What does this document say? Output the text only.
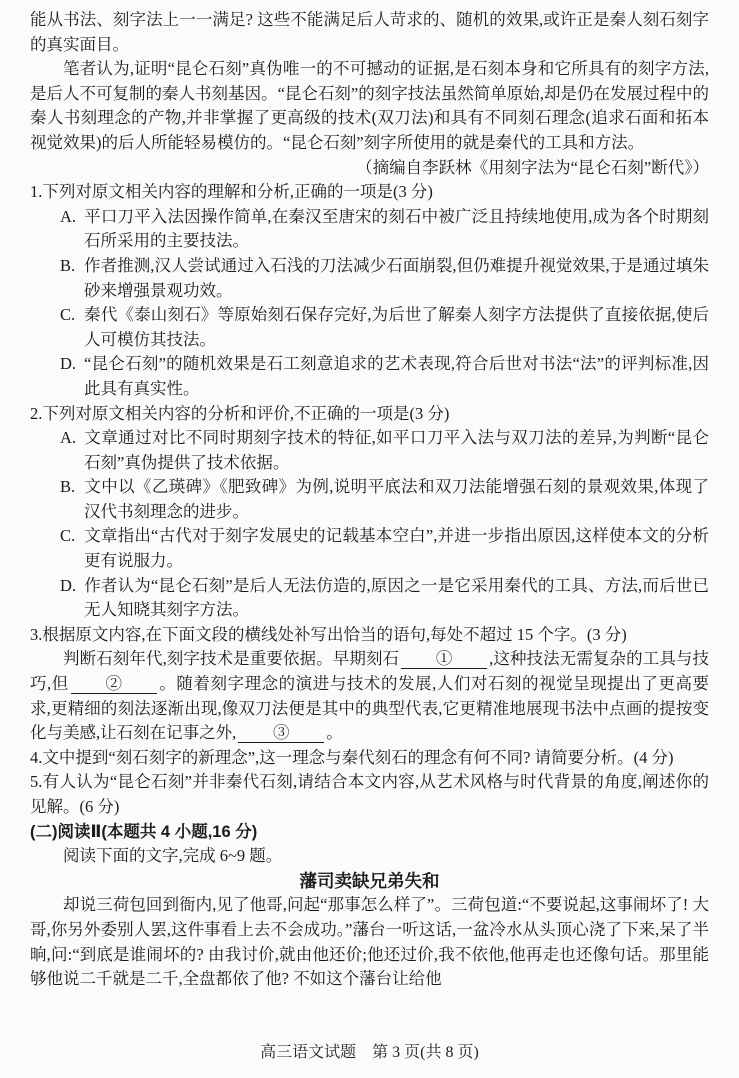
能从书法、刻字法上一一满足? 这些不能满足后人苛求的、随机的效果,或许正是秦人刻石刻字的真实面目。

笔者认为,证明“昆仑石刻”真伪唯一的不可撼动的证据,是石刻本身和它所具有的刻字方法,是后人不可复制的秦人书刻基因。“昆仑石刻”的刻字技法虽然简单原始,却是仍在发展过程中的秦人书刻理念的产物,并非掌握了更高级的技术(双刀法)和具有不同刻石理念(追求石面和拓本视觉效果)的后人所能轻易模仿的。“昆仑石刻”刻字所使用的就是秦代的工具和方法。

（摘编自李跃林《用刻字法为“昆仑石刻”断代》）

1.下列对原文相关内容的理解和分析,正确的一项是(3 分)

A. 平口刀平入法因操作简单,在秦汉至唐宋的刻石中被广泛且持续地使用,成为各个时期刻石所采用的主要技法。

B. 作者推测,汉人尝试通过入石浅的刀法减少石面崩裂,但仍难提升视觉效果,于是通过填朱砂来增强景观功效。

C. 秦代《泰山刻石》等原始刻石保存完好,为后世了解秦人刻字方法提供了直接依据,使后人可模仿其技法。

D. “昆仑石刻”的随机效果是石工刻意追求的艺术表现,符合后世对书法“法”的评判标准,因此具有真实性。

2.下列对原文相关内容的分析和评价,不正确的一项是(3 分)

A. 文章通过对比不同时期刻字技术的特征,如平口刀平入法与双刀法的差异,为判断“昆仑石刻”真伪提供了技术依据。

B. 文中以《乙瑛碑》《肥致碑》为例,说明平底法和双刀法能增强石刻的景观效果,体现了汉代书刻理念的进步。

C. 文章指出“古代对于刻字发展史的记载基本空白”,并进一步指出原因,这样使本文的分析更有说服力。

D. 作者认为“昆仑石刻”是后人无法仿造的,原因之一是它采用秦代的工具、方法,而后世已无人知晓其刻字方法。

3.根据原文内容,在下面文段的横线处补写出恰当的语句,每处不超过 15 个字。(3 分)

判断石刻年代,刻字技术是重要依据。早期刻石 ① ,这种技法无需复杂的工具与技巧,但 ② 。随着刻字理念的演进与技术的发展,人们对石刻的视觉呈现提出了更高要求,更精细的刻法逐渐出现,像双刀法便是其中的典型代表,它更精准地展现书法中点画的提按变化与美感,让石刻在记事之外, ③ 。

4.文中提到“刻石刻字的新理念”,这一理念与秦代刻石的理念有何不同? 请简要分析。(4 分)

5.有人认为“昆仑石刻”并非秦代石刻,请结合本文内容,从艺术风格与时代背景的角度,阐述你的见解。(6 分)

(二)阅读Ⅱ(本题共 4 小题,16 分)

阅读下面的文字,完成 6~9 题。

藩司卖缺兄弟失和

却说三荷包回到衙内,见了他哥,问起“那事怎么样了”。三荷包道:“不要说起,这事闹坏了! 大哥,你另外委别人罢,这件事看上去不会成功。”藩台一听这话,一盆冷水从头顶心浇了下来,呆了半晌,问:“到底是谁闹坏的? 由我讨价,就由他还价;他还过价,我不依他,他再走也还像句话。那里能够他说二千就是二千,全盘都依了他? 不如这个藩台让给他

高三语文试题　第 3 页(共 8 页)
